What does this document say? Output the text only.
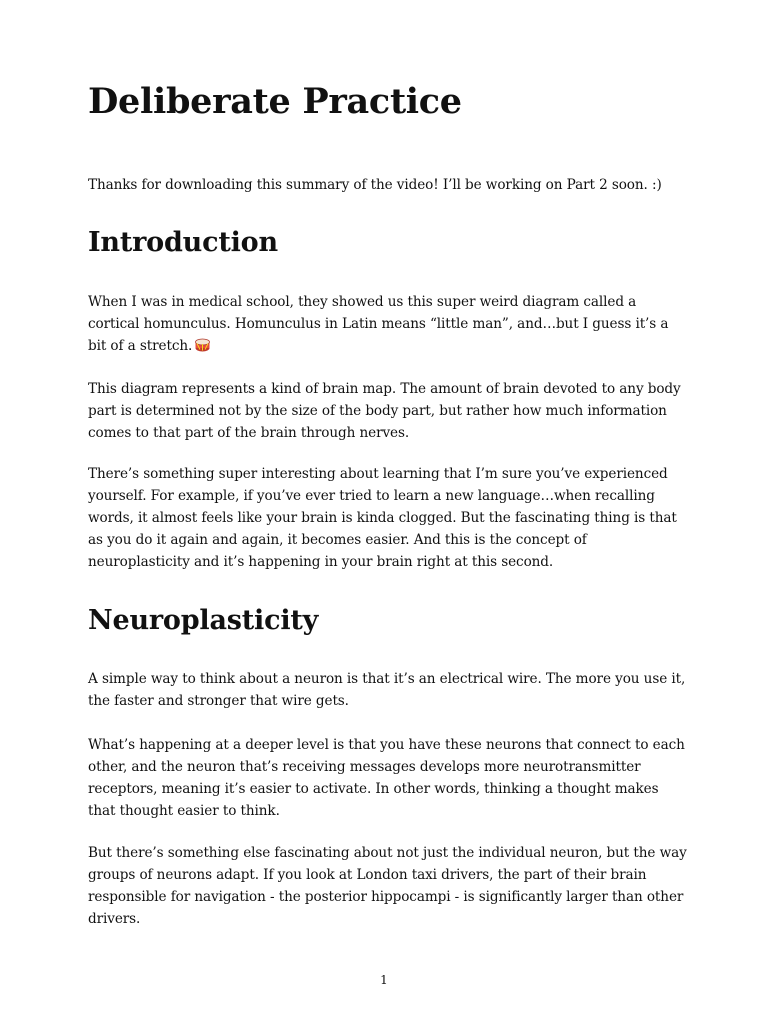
Deliberate Practice

Thanks for downloading this summary of the video! I’ll be working on Part 2 soon. :)

Introduction

When I was in medical school, they showed us this super weird diagram called a cortical homunculus. Homunculus in Latin means “little man”, and…but I guess it’s a bit of a stretch.

This diagram represents a kind of brain map. The amount of brain devoted to any body part is determined not by the size of the body part, but rather how much information comes to that part of the brain through nerves.

There’s something super interesting about learning that I’m sure you’ve experienced yourself. For example, if you’ve ever tried to learn a new language…when recalling words, it almost feels like your brain is kinda clogged. But the fascinating thing is that as you do it again and again, it becomes easier. And this is the concept of neuroplasticity and it’s happening in your brain right at this second.

Neuroplasticity

A simple way to think about a neuron is that it’s an electrical wire. The more you use it, the faster and stronger that wire gets.

What’s happening at a deeper level is that you have these neurons that connect to each other, and the neuron that’s receiving messages develops more neurotransmitter receptors, meaning it’s easier to activate. In other words, thinking a thought makes that thought easier to think.

But there’s something else fascinating about not just the individual neuron, but the way groups of neurons adapt. If you look at London taxi drivers, the part of their brain responsible for navigation - the posterior hippocampi - is significantly larger than other drivers.

1
